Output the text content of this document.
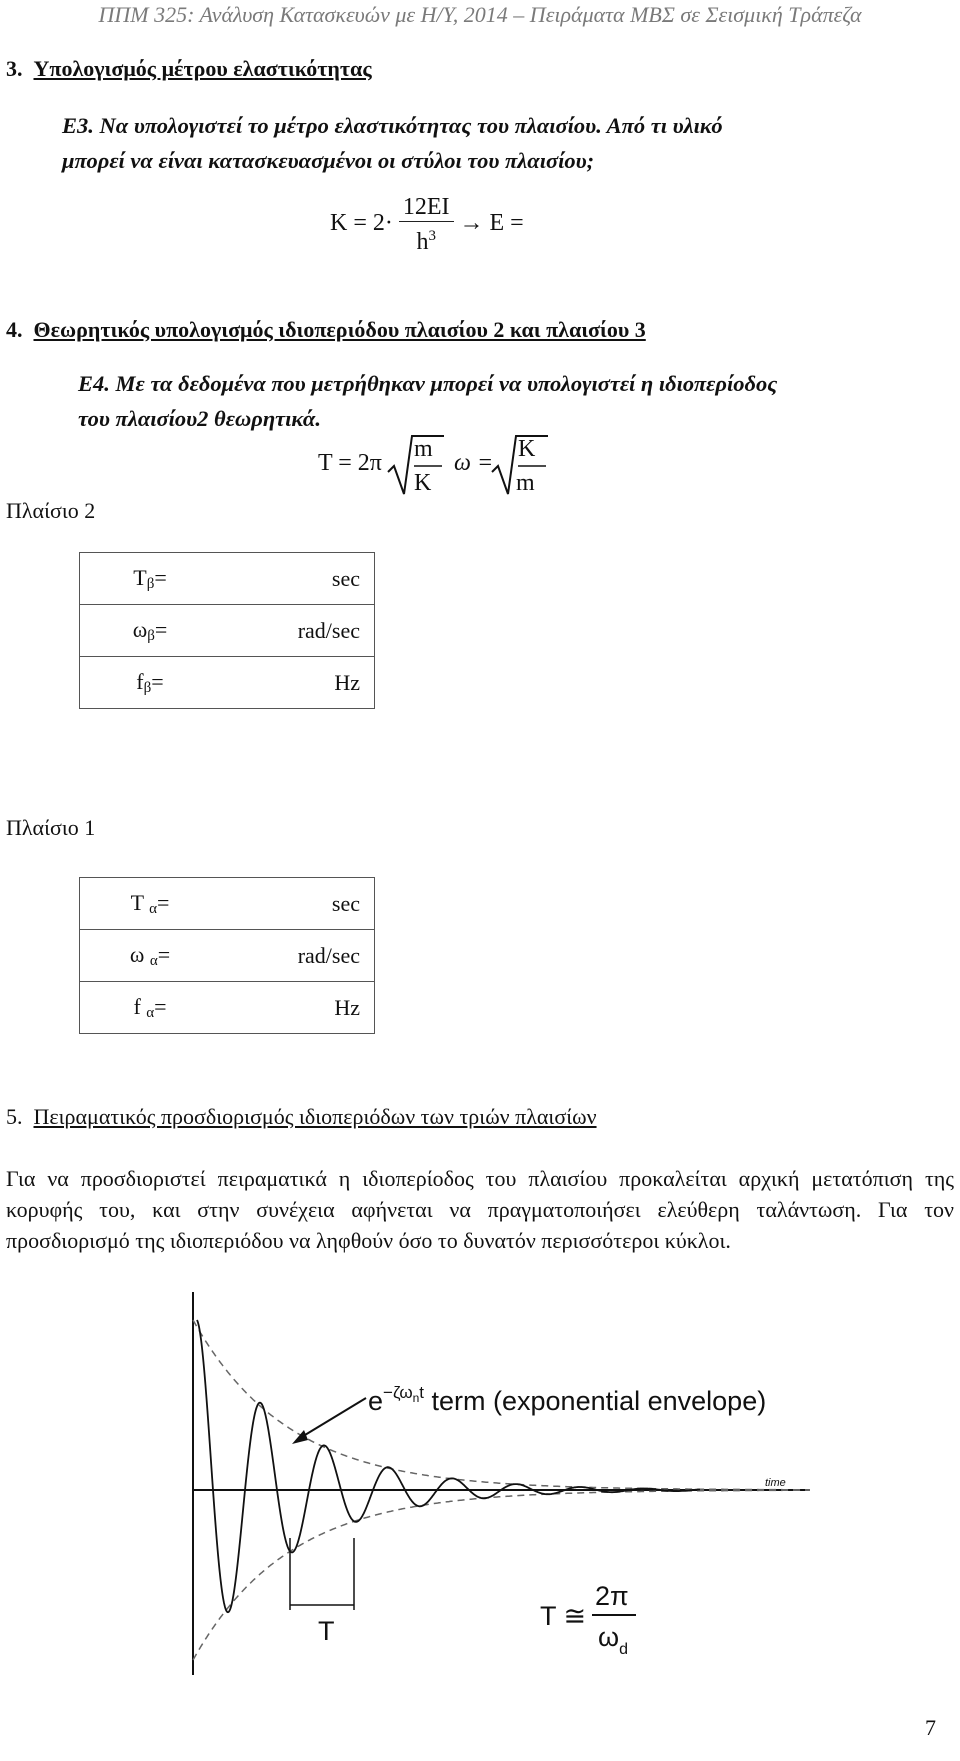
ΠΠΜ 325: Ανάλυση Κατασκευών με Η/Υ, 2014 – Πειράματα ΜΒΣ σε Σεισμική Τράπεζα
3. Υπολογισμός μέτρου ελαστικότητας
Ε3. Να υπολογιστεί το μέτρο ελαστικότητας του πλαισίου. Από τι υλικό
μπορεί να είναι κατασκευασμένοι οι στύλοι του πλαισίου;
$K = 2\cdot \frac{12EI}{h^3} \to E$ =
4. Θεωρητικός υπολογισμός ιδιοπεριόδου πλαισίου 2 και πλαισίου 3
Ε4. Με τα δεδομένα που μετρήθηκαν μπορεί να υπολογιστεί η ιδιοπερίοδος
του πλαισίου2 θεωρητικά.
T = 2π
m
K
ω =
K
m
Πλαίσιο 2
$T_\beta=$	sec
$\omega_\beta=$	rad/sec
$f_\beta=$	Hz
Πλαίσιο 1
T $_\alpha$=	sec
ω $_\alpha$=	rad/sec
f $_\alpha$=	Hz
5. Πειραματικός προσδιορισμός ιδιοπεριόδων των τριών πλαισίων
Για να προσδιοριστεί πειραματικά η ιδιοπερίοδος του πλαισίου προκαλείται αρχική μετατόπιση της κορυφής του, και στην συνέχεια αφήνεται να πραγματοποιήσει ελεύθερη ταλάντωση. Για τον προσδιορισμό της ιδιοπεριόδου να ληφθούν όσο το δυνατόν περισσότεροι κύκλοι.
$e^{-\zeta\omega}nt$ term (exponential envelope)
time
T	T ≅
2π
$\omega_d$
7
